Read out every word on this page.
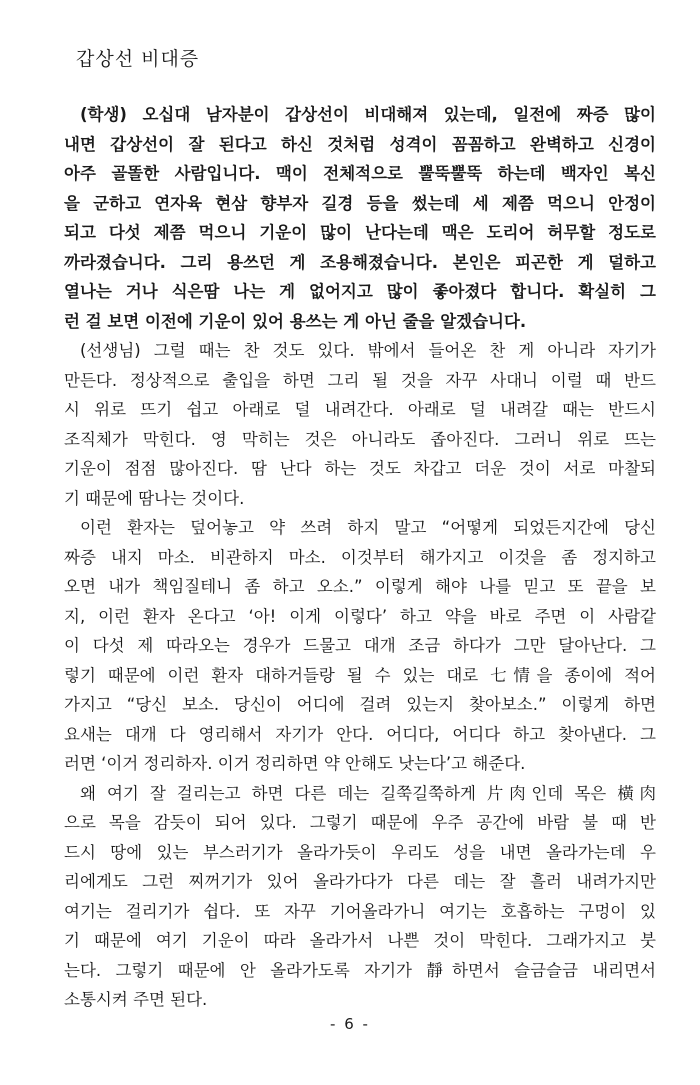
갑상선 비대증
(학생) 오십대 남자분이 갑상선이 비대해져 있는데, 일전에 짜증 많이
내면 갑상선이 잘 된다고 하신 것처럼 성격이 꼼꼼하고 완벽하고 신경이
아주 골똘한 사람입니다. 맥이 전체적으로 뿔뚝뿔뚝 하는데 백자인 복신
을 군하고 연자육 현삼 향부자 길경 등을 썼는데 세 제쯤 먹으니 안정이
되고 다섯 제쯤 먹으니 기운이 많이 난다는데 맥은 도리어 허무할 정도로
까라졌습니다. 그리 용쓰던 게 조용해졌습니다. 본인은 피곤한 게 덜하고
열나는 거나 식은땀 나는 게 없어지고 많이 좋아졌다 합니다. 확실히 그
런 걸 보면 이전에 기운이 있어 용쓰는 게 아닌 줄을 알겠습니다.
(선생님) 그럴 때는 찬 것도 있다. 밖에서 들어온 찬 게 아니라 자기가
만든다. 정상적으로 출입을 하면 그리 될 것을 자꾸 사대니 이럴 때 반드
시 위로 뜨기 쉽고 아래로 덜 내려간다. 아래로 덜 내려갈 때는 반드시
조직체가 막힌다. 영 막히는 것은 아니라도 좁아진다. 그러니 위로 뜨는
기운이 점점 많아진다. 땀 난다 하는 것도 차갑고 더운 것이 서로 마찰되
기 때문에 땀나는 것이다.
이런 환자는 덮어놓고 약 쓰려 하지 말고 “어떻게 되었든지간에 당신
짜증 내지 마소. 비관하지 마소. 이것부터 해가지고 이것을 좀 정지하고
오면 내가 책임질테니 좀 하고 오소.” 이렇게 해야 나를 믿고 또 끝을 보
지, 이런 환자 온다고 ‘아! 이게 이렇다’ 하고 약을 바로 주면 이 사람같
이 다섯 제 따라오는 경우가 드물고 대개 조금 하다가 그만 달아난다. 그
렇기 때문에 이런 환자 대하거들랑 될 수 있는 대로 七情을 종이에 적어
가지고 “당신 보소. 당신이 어디에 걸려 있는지 찾아보소.” 이렇게 하면
요새는 대개 다 영리해서 자기가 안다. 어디다, 어디다 하고 찾아낸다. 그
러면 ‘이거 정리하자. 이거 정리하면 약 안해도 낫는다’고 해준다.
왜 여기 잘 걸리는고 하면 다른 데는 길쭉길쭉하게 片肉인데 목은 橫肉
으로 목을 감듯이 되어 있다. 그렇기 때문에 우주 공간에 바람 불 때 반
드시 땅에 있는 부스러기가 올라가듯이 우리도 성을 내면 올라가는데 우
리에게도 그런 찌꺼기가 있어 올라가다가 다른 데는 잘 흘러 내려가지만
여기는 걸리기가 쉽다. 또 자꾸 기어올라가니 여기는 호흡하는 구멍이 있
기 때문에 여기 기운이 따라 올라가서 나쁜 것이 막힌다. 그래가지고 붓
는다. 그렇기 때문에 안 올라가도록 자기가 靜하면서 슬금슬금 내리면서
소통시켜 주면 된다.
- 6 -
